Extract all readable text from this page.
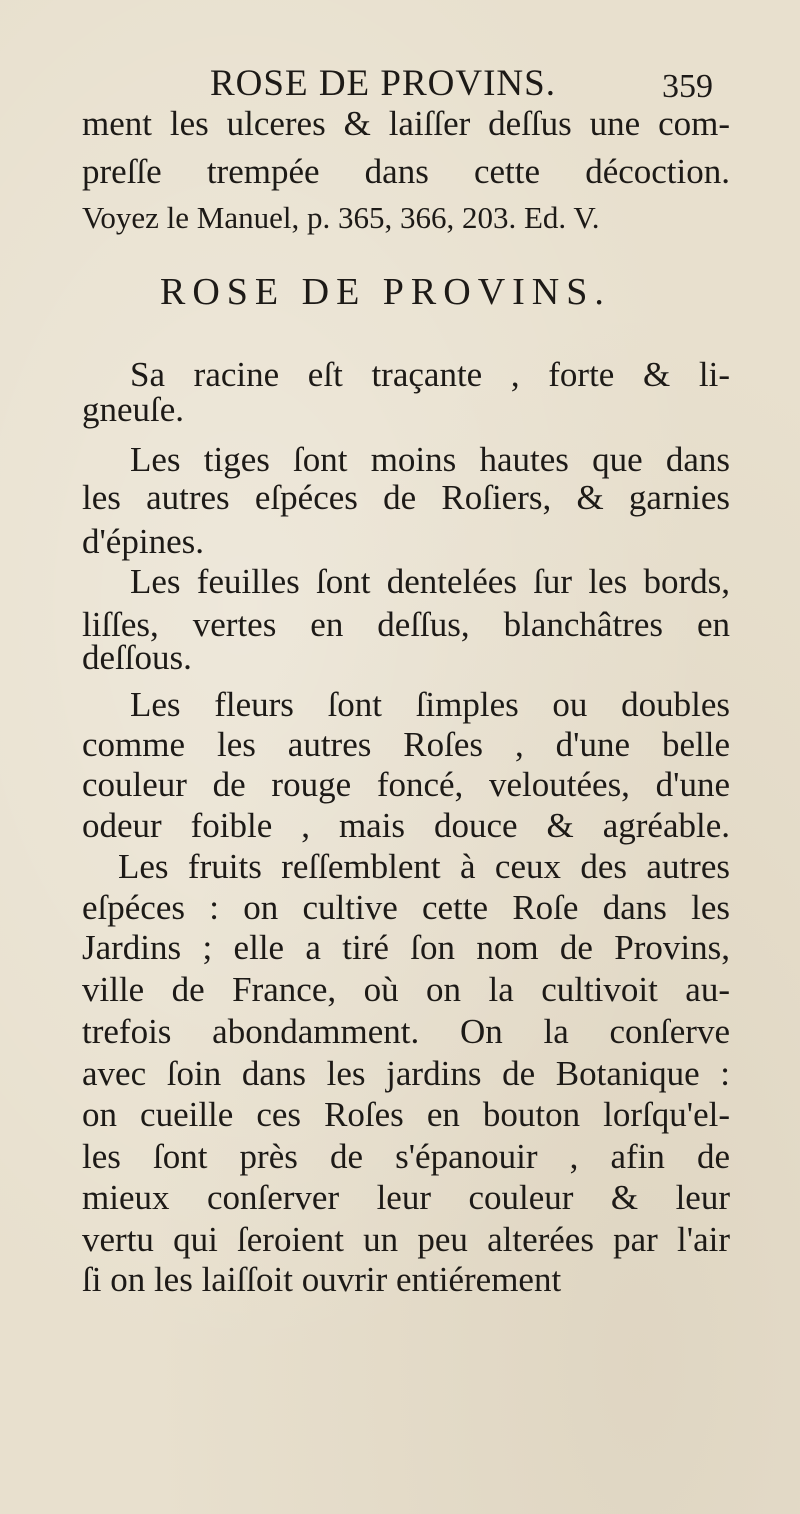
ROSE DE PROVINS.	359
ment les ulceres & laiſſer deſſus une com-
preſſe trempée dans cette décoction.
Voyez le Manuel, p. 365, 366, 203. Ed. V.
ROSE DE PROVINS.
Sa racine eſt traçante , forte & li-
gneuſe.
Les tiges ſont moins hautes que dans
les autres eſpéces de Roſiers, & garnies
d'épines.
Les feuilles ſont dentelées ſur les bords,
liſſes, vertes en deſſus, blanchâtres en
deſſous.
Les fleurs ſont ſimples ou doubles
comme les autres Roſes , d'une belle
couleur de rouge foncé, veloutées, d'une
odeur foible , mais douce & agréable.
Les fruits reſſemblent à ceux des autres
eſpéces : on cultive cette Roſe dans les
Jardins ; elle a tiré ſon nom de Provins,
ville de France, où on la cultivoit au-
trefois abondamment. On la conſerve
avec ſoin dans les jardins de Botanique :
on cueille ces Roſes en bouton lorſqu'el-
les ſont près de s'épanouir , afin de
mieux conſerver leur couleur & leur
vertu qui ſeroient un peu alterées par l'air
ſi on les laiſſoit ouvrir entiérement
